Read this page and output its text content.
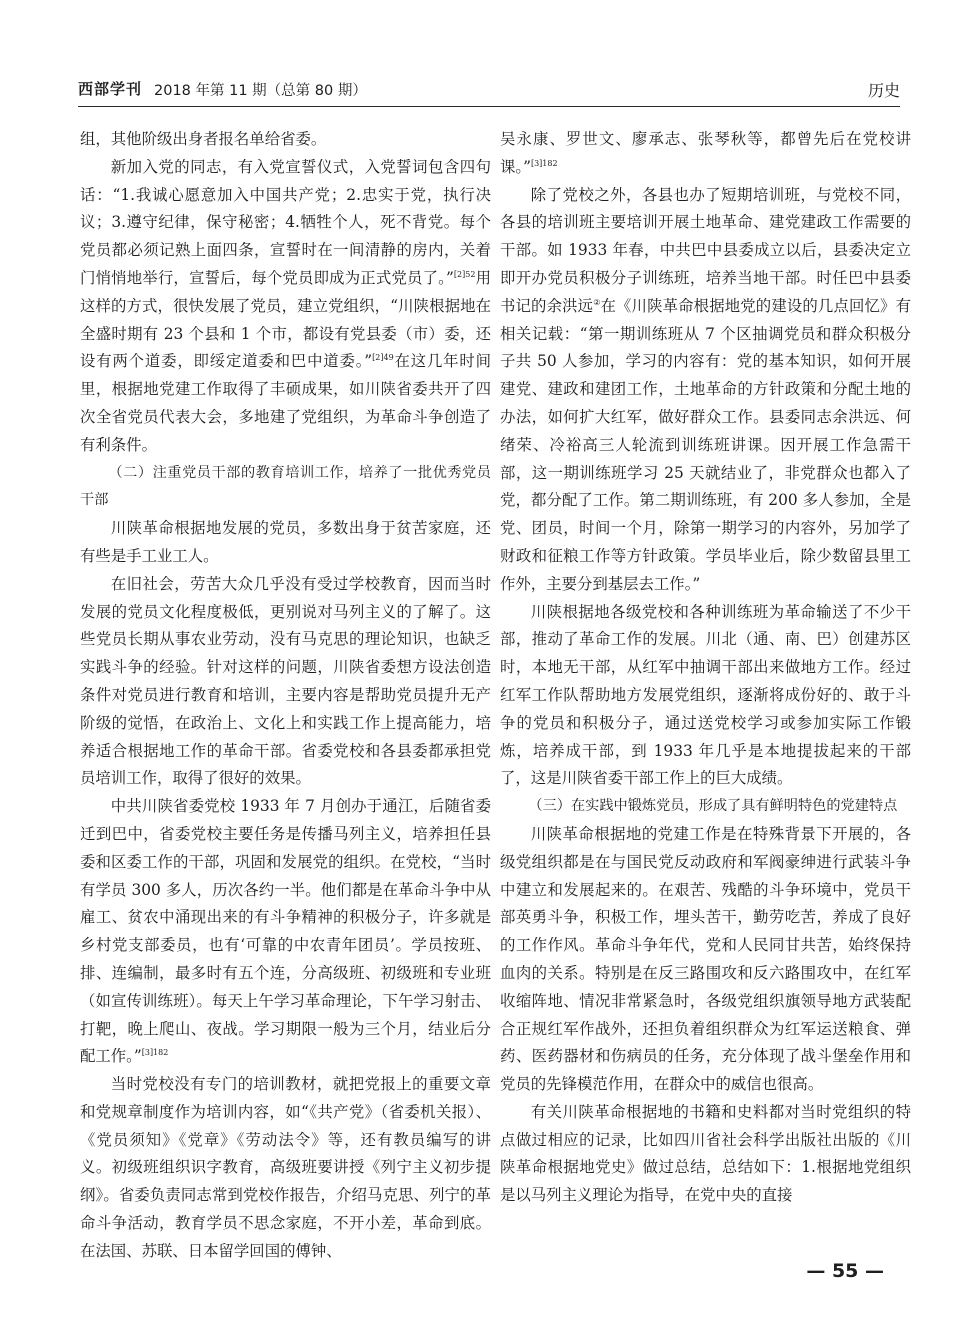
西部学刊 2018 年第 11 期（总第 80 期）	历史

组，其他阶级出身者报名单给省委。

新加入党的同志，有入党宣誓仪式，入党誓词包含四句话：“1.我诚心愿意加入中国共产党；2.忠实于党，执行决议；3.遵守纪律，保守秘密；4.牺牲个人，死不背党。每个党员都必须记熟上面四条，宣誓时在一间清静的房内，关着门悄悄地举行，宣誓后，每个党员即成为正式党员了。”$^{[2]52}$用这样的方式，很快发展了党员，建立党组织，“川陕根据地在全盛时期有 23 个县和 1 个市，都设有党县委（市）委，还设有两个道委，即绥定道委和巴中道委。”$^{[2]49}$在这几年时间里，根据地党建工作取得了丰硕成果，如川陕省委共开了四次全省党员代表大会，多地建了党组织，为革命斗争创造了有利条件。

（二）注重党员干部的教育培训工作，培养了一批优秀党员干部

川陕革命根据地发展的党员，多数出身于贫苦家庭，还有些是手工业工人。

在旧社会，劳苦大众几乎没有受过学校教育，因而当时发展的党员文化程度极低，更别说对马列主义的了解了。这些党员长期从事农业劳动，没有马克思的理论知识，也缺乏实践斗争的经验。针对这样的问题，川陕省委想方设法创造条件对党员进行教育和培训，主要内容是帮助党员提升无产阶级的觉悟，在政治上、文化上和实践工作上提高能力，培养适合根据地工作的革命干部。省委党校和各县委都承担党员培训工作，取得了很好的效果。

中共川陕省委党校 1933 年 7 月创办于通江，后随省委迁到巴中，省委党校主要任务是传播马列主义，培养担任县委和区委工作的干部，巩固和发展党的组织。在党校，“当时有学员 300 多人，历次各约一半。他们都是在革命斗争中从雇工、贫农中涌现出来的有斗争精神的积极分子，许多就是乡村党支部委员，也有‘可靠的中农青年团员’。学员按班、排、连编制，最多时有五个连，分高级班、初级班和专业班（如宣传训练班）。每天上午学习革命理论，下午学习射击、打靶，晚上爬山、夜战。学习期限一般为三个月，结业后分配工作。”$^{[3]182}$

当时党校没有专门的培训教材，就把党报上的重要文章和党规章制度作为培训内容，如“《共产党》（省委机关报）、《党员须知》《党章》《劳动法令》等，还有教员编写的讲义。初级班组织识字教育，高级班要讲授《列宁主义初步提纲》。省委负责同志常到党校作报告，介绍马克思、列宁的革命斗争活动，教育学员不思念家庭，不开小差，革命到底。在法国、苏联、日本留学回国的傅钟、

吴永康、罗世文、廖承志、张琴秋等，都曾先后在党校讲课。”$^{[3]182}$

除了党校之外，各县也办了短期培训班，与党校不同，各县的培训班主要培训开展土地革命、建党建政工作需要的干部。如 1933 年春，中共巴中县委成立以后，县委决定立即开办党员积极分子训练班，培养当地干部。时任巴中县委书记的余洪远②在《川陕革命根据地党的建设的几点回忆》有相关记载：“第一期训练班从 7 个区抽调党员和群众积极分子共 50 人参加，学习的内容有：党的基本知识，如何开展建党、建政和建团工作，土地革命的方针政策和分配土地的办法，如何扩大红军，做好群众工作。县委同志余洪远、何绪荣、冷裕高三人轮流到训练班讲课。因开展工作急需干部，这一期训练班学习 25 天就结业了，非党群众也都入了党，都分配了工作。第二期训练班，有 200 多人参加，全是党、团员，时间一个月，除第一期学习的内容外，另加学了财政和征粮工作等方针政策。学员毕业后，除少数留县里工作外，主要分到基层去工作。”

川陕根据地各级党校和各种训练班为革命输送了不少干部，推动了革命工作的发展。川北（通、南、巴）创建苏区时，本地无干部，从红军中抽调干部出来做地方工作。经过红军工作队帮助地方发展党组织，逐渐将成份好的、敢于斗争的党员和积极分子，通过送党校学习或参加实际工作锻炼，培养成干部，到 1933 年几乎是本地提拔起来的干部了，这是川陕省委干部工作上的巨大成绩。

（三）在实践中锻炼党员，形成了具有鲜明特色的党建特点

川陕革命根据地的党建工作是在特殊背景下开展的，各级党组织都是在与国民党反动政府和军阀豪绅进行武装斗争中建立和发展起来的。在艰苦、残酷的斗争环境中，党员干部英勇斗争，积极工作，埋头苦干，勤劳吃苦，养成了良好的工作作风。革命斗争年代，党和人民同甘共苦，始终保持血肉的关系。特别是在反三路围攻和反六路围攻中，在红军收缩阵地、情况非常紧急时，各级党组织旗领导地方武装配合正规红军作战外，还担负着组织群众为红军运送粮食、弹药、医药器材和伤病员的任务，充分体现了战斗堡垒作用和党员的先锋模范作用，在群众中的威信也很高。

有关川陕革命根据地的书籍和史料都对当时党组织的特点做过相应的记录，比如四川省社会科学出版社出版的《川陕革命根据地党史》做过总结，总结如下：1.根据地党组织是以马列主义理论为指导，在党中央的直接

— 55 —
